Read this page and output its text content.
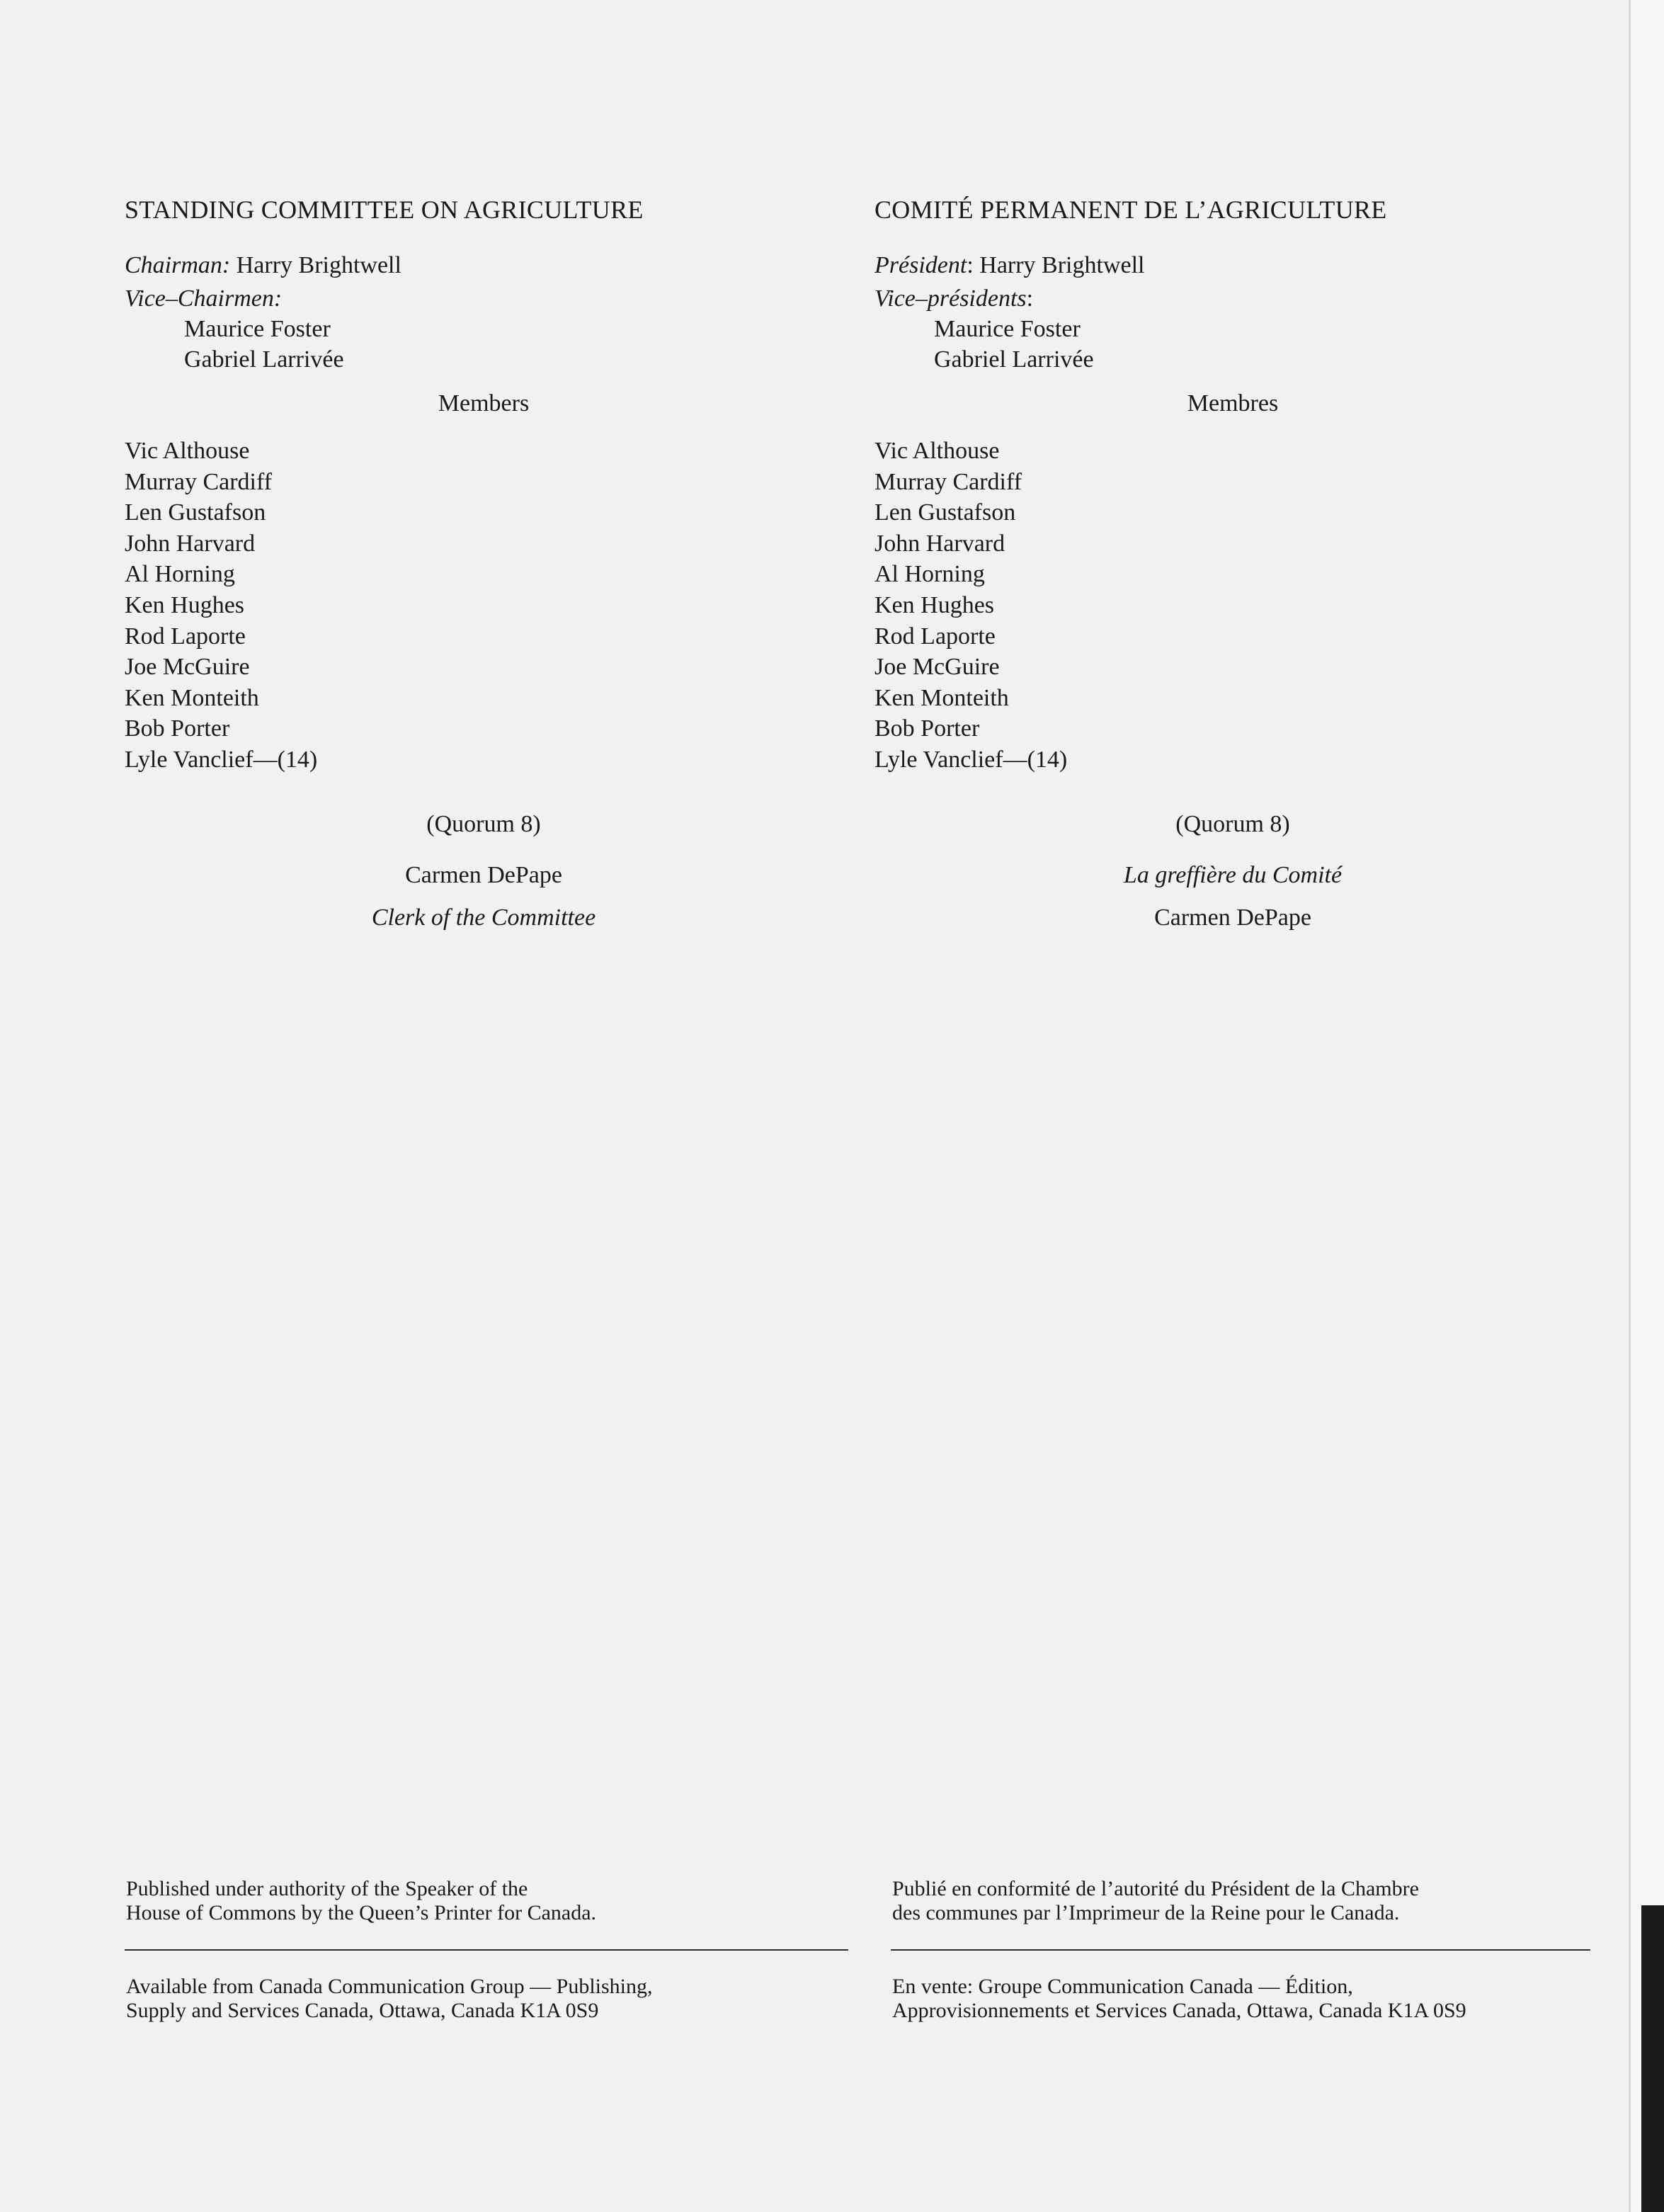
STANDING COMMITTEE ON AGRICULTURE
Chairman: Harry Brightwell
Vice–Chairmen:
Maurice Foster
Gabriel Larrivée
Members
Vic Althouse
Murray Cardiff
Len Gustafson
John Harvard
Al Horning
Ken Hughes
Rod Laporte
Joe McGuire
Ken Monteith
Bob Porter
Lyle Vanclief—(14)
(Quorum 8)
Carmen DePape
Clerk of the Committee
COMITÉ PERMANENT DE L’AGRICULTURE
Président: Harry Brightwell
Vice–présidents:
Maurice Foster
Gabriel Larrivée
Membres
Vic Althouse
Murray Cardiff
Len Gustafson
John Harvard
Al Horning
Ken Hughes
Rod Laporte
Joe McGuire
Ken Monteith
Bob Porter
Lyle Vanclief—(14)
(Quorum 8)
La greffière du Comité
Carmen DePape
Published under authority of the Speaker of the
House of Commons by the Queen’s Printer for Canada.
Publié en conformité de l’autorité du Président de la Chambre
des communes par l’Imprimeur de la Reine pour le Canada.
Available from Canada Communication Group — Publishing,
Supply and Services Canada, Ottawa, Canada K1A 0S9
En vente: Groupe Communication Canada — Édition,
Approvisionnements et Services Canada, Ottawa, Canada K1A 0S9
